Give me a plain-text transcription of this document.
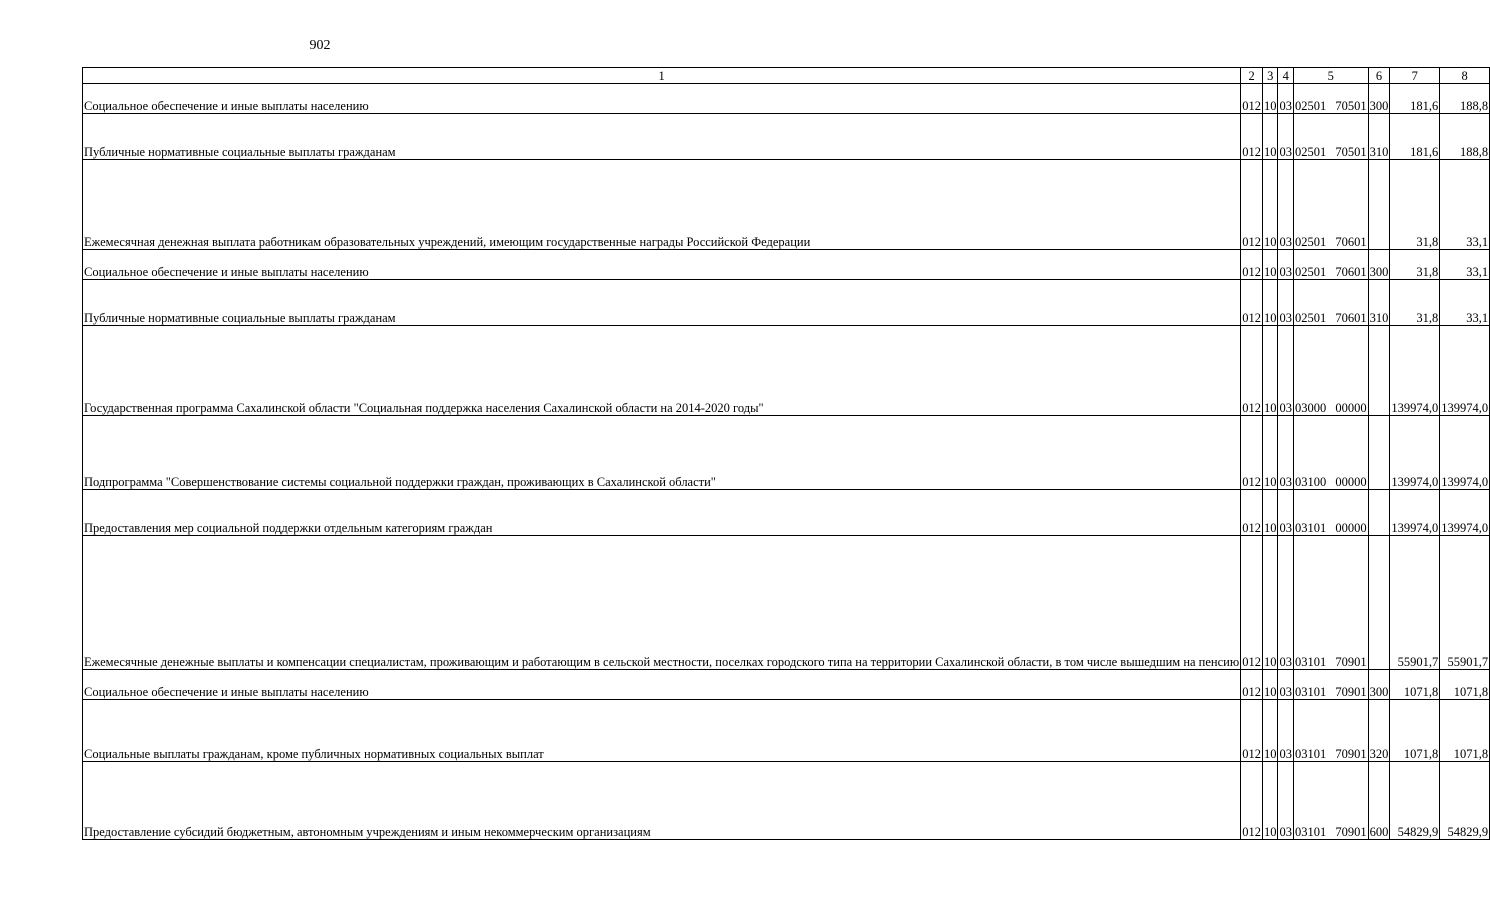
902
1	2	3	4	5	6	7	8
Социальное обеспечение и иные выплаты населению	012	10	03	02501 70501	300	181,6	188,8
Публичные нормативные социальные выплаты гражданам	012	10	03	02501 70501	310	181,6	188,8
Ежемесячная денежная выплата работникам образовательных учреждений, имеющим государственные награды Российской Федерации	012	10	03	02501 70601		31,8	33,1
Социальное обеспечение и иные выплаты населению	012	10	03	02501 70601	300	31,8	33,1
Публичные нормативные социальные выплаты гражданам	012	10	03	02501 70601	310	31,8	33,1
Государственная программа Сахалинской области "Социальная поддержка населения Сахалинской области на 2014-2020 годы"	012	10	03	03000 00000		139974,0	139974,0
Подпрограмма "Совершенствование системы социальной поддержки граждан, проживающих в Сахалинской области"	012	10	03	03100 00000		139974,0	139974,0
Предоставления мер социальной поддержки отдельным категориям граждан	012	10	03	03101 00000		139974,0	139974,0
Ежемесячные денежные выплаты и компенсации специалистам, проживающим и работающим в сельской местности, поселках городского типа на территории Сахалинской области, в том числе вышедшим на пенсию	012	10	03	03101 70901		55901,7	55901,7
Социальное обеспечение и иные выплаты населению	012	10	03	03101 70901	300	1071,8	1071,8
Социальные выплаты гражданам, кроме публичных нормативных социальных выплат	012	10	03	03101 70901	320	1071,8	1071,8
Предоставление субсидий бюджетным, автономным учреждениям и иным некоммерческим организациям	012	10	03	03101 70901	600	54829,9	54829,9
